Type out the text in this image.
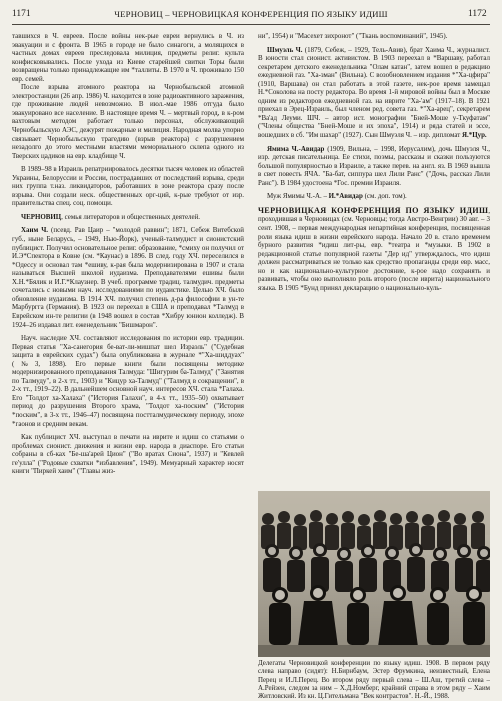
1171	ЧЕРНОВИЦ – ЧЕРНОВИЦКАЯ КОНФЕРЕНЦИЯ ПО ЯЗЫКУ ИДИШ	1172

тавшихся в Ч. евреев. После войны нек-рые евреи вернулись в Ч. из эвакуации и с фронта. В 1965 в городе не было синагоги, а молящихся в частных домах евреев преследовала милиция, предметы религ. культа конфисковывались. После ухода из Киеве старейшей свитки Торы были возвращены только принадлежащие им *таллиты. В 1970 в Ч. проживало 150 евр. семей.

После взрыва атомного реактора на Чернобыльской атомной электростанции (26 апр. 1986) Ч. находится в зоне радиоактивного заражения, где проживание людей невозможно. В июл.-мае 1986 отгуда было эвакуировано все население. В настоящее время Ч. – мертвый город, в к-ром вахтовым методом работает только персонал, обслуживающий Чернобыльскую АЭС, дежурят пожарные и милиция. Народная молва упорно связывает Чернобыльскую трагедию (взрыв реактора) с разрушением незадолго до этого местными властями мемориального склепа одного из Тверских цадиков на евр. кладбище Ч.

В 1989–98 в Израиль репатриировалось десятки тысяч человек из областей Украины, Белоруссии и России, пострадавших от последствий взрыва, среди них группа т.наз. ликвидаторов, работавших в зоне реактора сразу после взрыва. Они создали неск. общественных орг-ций, к-рые требуют от изр. правительства спец. соц. помощи.

ЧЕРНОВИЦ, семья литераторов и общественных деятелей.

Хаим Ч. (псевд. Рав Цаир – "молодой раввин"; 1871, Себеж Витебской губ., ныне Беларусь, – 1949, Нью-Йорк), ученый-талмудист и сионистский публицист. Получил основательное религ. образование, *смиху он получил от И.Э*Спектора в Ковне (см. *Каунас) в 1896. В след. году ХЧ. переселился в *Одессу и основал там *ешиву, к-рая была модернизирована в 1907 и стала называться Высшей школой иудаизма. Преподавателями ешивы были Х.Н.*Бялик и И.Г.*Клаузнер. В учеб. программе традиц. талмудич. предметы сочетались с новыми науч. исследованиями по иудаистике. Целью ХЧ. было обновление иудаизма. В 1914 ХЧ. получил степень д-ра философии в ун-те Марбургга (Германия). В 1923 он переехал в США и преподавал *Талмуд в Еврейском ин-те религии (в 1948 вошел в состав *Хибру юнион колледж). В 1924–26 издавал лит. еженедельник "Бишмарон".

Науч. наследие ХЧ. составляют исследования по истории евр. традиции. Первая статья "Ха-санегория бе-ват-ли-мишпат шел Израэль" ("Судебная защита в еврейских судах") была опубликована в журнале *"Ха-шиддуах" (№3, 1898). Его первые книги были посвящены методике модернизированного преподавания Талмуда: "Шигурим ба-Талмуд" ("Занятия по Талмуду", в 2-х тт., 1903) и "Кицур ха-Талмуд" ("Талмуд в сокращении", в 2-х тт., 1919–22). В дальнейшем основной науч. интересов ХЧ. стала *Галаха. Его "Толдот ха-Халаха" ("История Галахи", в 4-х тт., 1935–50) охватывает период до разрушения Второго храма, "Толдот ха-поским" ("История *поским", в 3-х тт., 1946–47) посвящена постталмудическому периоду, эпохе *гаонов и средним векам.

Как публицист ХЧ. выступал в печати на иврите и идиш со статьями о проблемах сионист. движения и жизни евр. народа в диаспоре. Его статьи собраны в сб-ках "Бе-ша'арей Цион" ("Во вратах Сиона", 1937) и "Кевлей ге'улла" ("Родовые схватки *избавления", 1949). Мемуарный характер носят книги "Пиркей хаим" ("Главы жиз-

ни", 1954) и "Масехет зихронот" ("Ткань воспоминаний", 1945).

Шмуэль Ч. (1879, Себеж, – 1929, Тель-Авив), брат Хаима Ч., журналист. В юности стал сионист. активистом. В 1903 переехал в *Варшаву, работал секретарем детского еженедельника "Олам катан", затем вошел в редакцию ежедневной газ. "Ха-зман" (Вильна). С возобновлением издания *"Ха-цфира" (1910, Варшава) он стал работать в этой газете, нек-рое время замещал Н.*Соколова на посту редактора. Во время 1-й мировой войны был в Москве одним из редакторов ежедневной газ. на иврите "Ха-'ам" (1917–18). В 1921 приехал в Эрец-Израиль, был членом ред. совета газ. *"Ха-арец", секретарем *Ва'ад Леуми. ШЧ. – автор ист. монографии "Бней-Моше у-Ткуфатам" ("Члены общества "Бней-Моше и их эпоха", 1914) и ряда статей и эссе, вошедших в сб. "Им шахар" (1927). Сын Шмуэля Ч. – изр. дипломат Я.*Цур.

Ямима Ч.-Авидар (1909, Вильна, – 1998, Иерусалим), дочь Шмуэля Ч., изр. детская писательница. Ее стихи, поэмы, рассказы и сказки пользуются большой популярностью в Израиле, а также перев. на англ. яз. В 1969 вышла в свет повесть ЯЧА. "Ба-бат, сиппура шел Лили Ранс" ("Дочь, рассказ Лили Ранс"). В 1984 удостоена *Гос. премии Израиля.

Муж Ямимы Ч.-А. – И.*Авидар (см. доп. том).

ЧЕРНОВИЦКАЯ КОНФЕРЕНЦИЯ ПО ЯЗЫКУ ИДИШ, проходившая в Черновицах (см. Черновцы; тогда Австро-Венгрии) 30 авг. – 3 сент. 1908, – первая международная непартийная конференция, посвященная роли языка идиш в жизни еврейского народа. Начало 20 в. стало временем бурного развития *идиш лит-ры, евр. *театра и *музыки. В 1902 в редакционной статье популярной газеты "Дер ид" утверждалось, что идиш должен рассматриваться не только как средство пропаганды среди евр. масс, но и как национально-культурное достояние, к-рое надо сохранять и развивать, чтобы оно выполняло роль второго (после иврита) национального языка. В 1905 *Бунд принял декларацию о национально-куль-

Делегаты Черновицкой конференции по языку идиш. 1908. В первом ряду слева направо (сидят): Н.Бирнбаум, Эстер Фрумкина, неизвестный, Елена Перец и И.Л.Перец. Во втором ряду первый слева – Ш.Аш, третий слева – А.Рейзен, следом за ним – Х.Д.Номберг, крайний справа в этом ряду – Хаим Житловский. Из кн. Ц.Гительмана "Век контрастов". Н.-Й., 1988.
